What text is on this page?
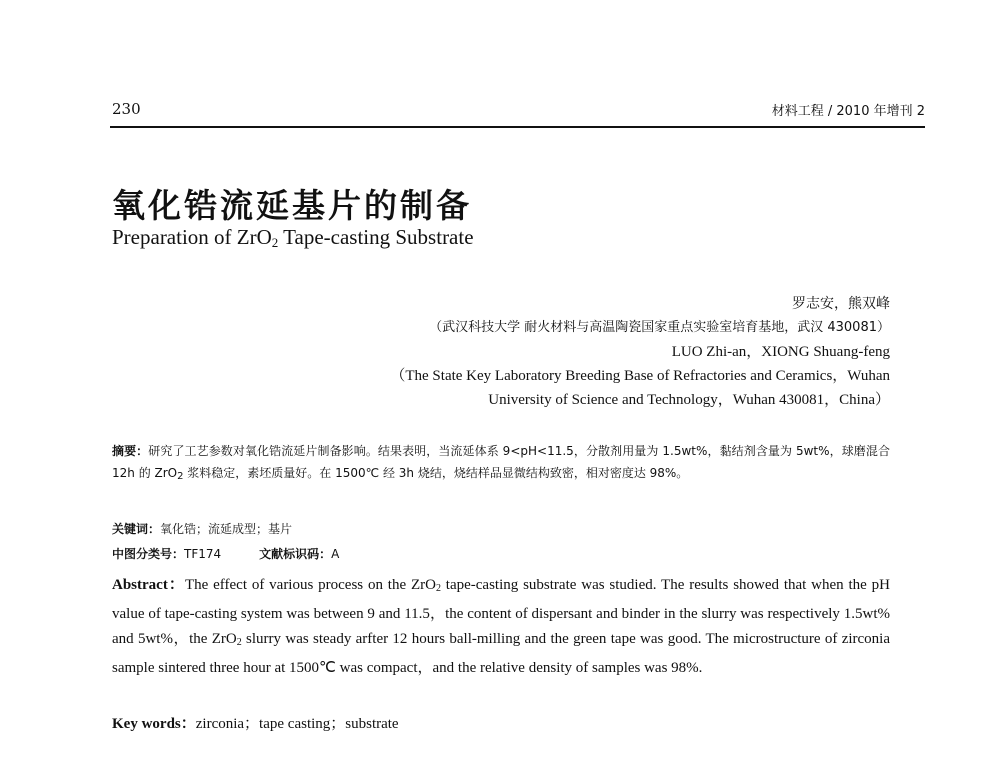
230	材料工程 / 2010 年增刊 2
氧化锆流延基片的制备
Preparation of ZrO$_2$ Tape-casting Substrate
罗志安，熊双峰
（武汉科技大学 耐火材料与高温陶瓷国家重点实验室培育基地，武汉 430081）
LUO Zhi-an，XIONG Shuang-feng
（The State Key Laboratory Breeding Base of Refractories and Ceramics，Wuhan
University of Science and Technology，Wuhan 430081，China）
摘要：研究了工艺参数对氧化锆流延片制备影响。结果表明，当流延体系 9<pH<11.5，分散剂用量为 1.5wt%，黏结剂含量为 5wt%，球磨混合 12h 的 ZrO2 浆料稳定，素坯质量好。在 1500℃ 经 3h 烧结，烧结样品显微结构致密，相对密度达 98%。
关键词：氧化锆；流延成型；基片
中图分类号：TF174	文献标识码：A
Abstract：The effect of various process on the ZrO2 tape-casting substrate was studied. The results showed that when the pH value of tape-casting system was between 9 and 11.5，the content of dispersant and binder in the slurry was respectively 1.5wt% and 5wt%，the ZrO2 slurry was steady arfter 12 hours ball-milling and the green tape was good. The microstructure of zirconia sample sintered three hour at 1500℃ was compact，and the relative density of samples was 98%.
Key words：zirconia；tape casting；substrate
